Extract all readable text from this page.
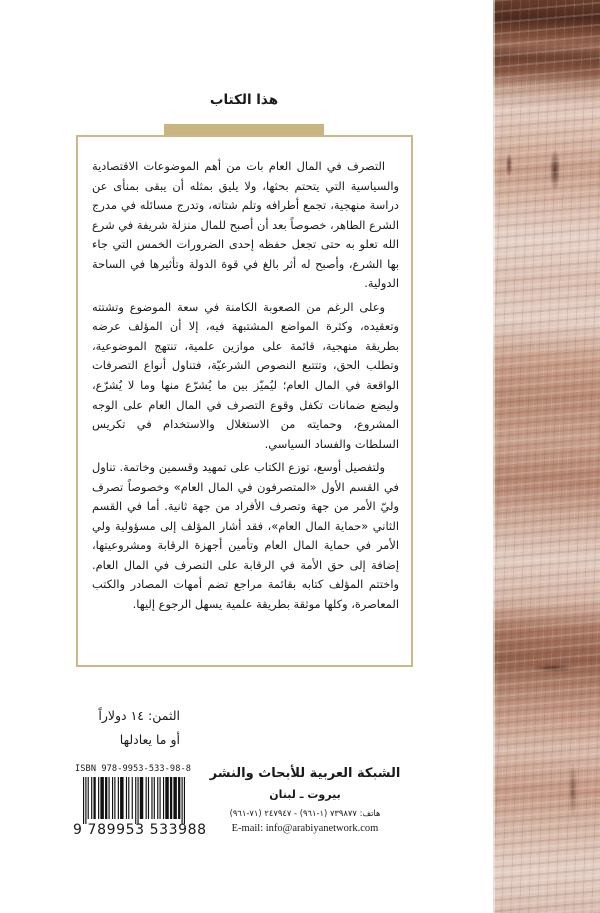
هذا الكتاب

التصرف في المال العام بات من أهم الموضوعات الاقتصادية والسياسية التي يتحتم بحثها، ولا يليق بمثله أن يبقى بمنأى عن دراسة منهجية، تجمع أطرافه وتلم شتاته، وتدرج مسائله في مدرج الشرع الطاهر، خصوصاً بعد أن أصبح للمال منزلة شريفة في شرع الله تعلو به حتى تجعل حفظه إحدى الضرورات الخمس التي جاء بها الشرع، وأصبح له أثر بالغ في قوة الدولة وتأثيرها في الساحة الدولية.

وعلى الرغم من الصعوبة الكامنة في سعة الموضوع وتشتته وتعقيده، وكثرة المواضع المشتبهة فيه، إلا أن المؤلف عرضه بطريقة منهجية، قائمة على موازين علمية، تنتهج الموضوعية، وتطلب الحق، وتتتبع النصوص الشرعيّة، فتناول أنواع التصرفات الواقعة في المال العام؛ ليُميّز بين ما يُشرّع منها وما لا يُشرّع، وليضع ضمانات تكفل وقوع التصرف في المال العام على الوجه المشروع، وحمايته من الاستغلال والاستخدام في تكريس السلطات والفساد السياسي.

ولتفصيل أوسع، توزع الكتاب على تمهيد وقسمين وخاتمة. تناول في القسم الأول «المتصرفون في المال العام» وخصوصاً تصرف وليّ الأمر من جهة وتصرف الأفراد من جهة ثانية. أما في القسم الثاني «حماية المال العام»، فقد أشار المؤلف إلى مسؤولية ولي الأمر في حماية المال العام وتأمين أجهزة الرقابة ومشروعيتها، إضافة إلى حق الأمة في الرقابة على التصرف في المال العام. واختتم المؤلف كتابه بقائمة مراجع تضم أمهات المصادر والكتب المعاصرة، وكلها موثقة بطريقة علمية يسهل الرجوع إليها.

الثمن: ١٤ دولاراً
أو ما يعادلها
ISBN 978-9953-533-98-8
9 789953 533988
الشبكة العربية للأبحاث والنشر
بيروت ـ لبنان
هاتف: ٧٣٩٨٧٧ (١-٩٦١) - ٢٤٧٩٤٧ (٧١-٩٦١)
E-mail: info@arabiyanetwork.com
